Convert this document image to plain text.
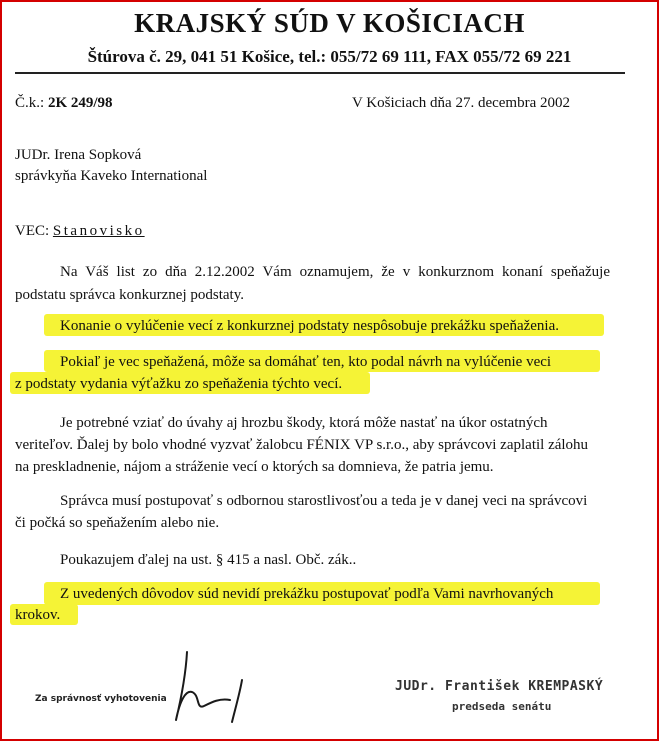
KRAJSKÝ SÚD V KOŠICIACH
Štúrova č. 29, 041 51 Košice, tel.: 055/72 69 111, FAX 055/72 69 221
Č.k.: 2K 249/98	V Košiciach dňa 27. decembra 2002
JUDr. Irena Sopková
správkyňa Kaveko International
VEC: Stanovisko
Na Váš list zo dňa 2.12.2002 Vám oznamujem, že v konkurznom konaní speňažuje podstatu správca konkurznej podstaty.
Konanie o vylúčenie vecí z konkurznej podstaty nespôsobuje prekážku speňaženia.
Pokiaľ je vec speňažená, môže sa domáhať ten, kto podal návrh na vylúčenie veci
z podstaty vydania výťažku zo speňaženia týchto vecí.
Je potrebné vziať do úvahy aj hrozbu škody, ktorá môže nastať na úkor ostatných
veriteľov. Ďalej by bolo vhodné vyzvať žalobcu FÉNIX VP s.r.o., aby správcovi zaplatil zálohu
na preskladnenie, nájom a stráženie vecí o ktorých sa domnieva, že patria jemu.
Správca musí postupovať s odbornou starostlivosťou a teda je v danej veci na správcovi
či počká so speňažením alebo nie.
Poukazujem ďalej na ust. § 415 a nasl. Obč. zák..
Z uvedených dôvodov súd nevidí prekážku postupovať podľa Vami navrhovaných
krokov.
Za správnosť vyhotovenia
JUDr. František KREMPASKÝ
predseda senátu
